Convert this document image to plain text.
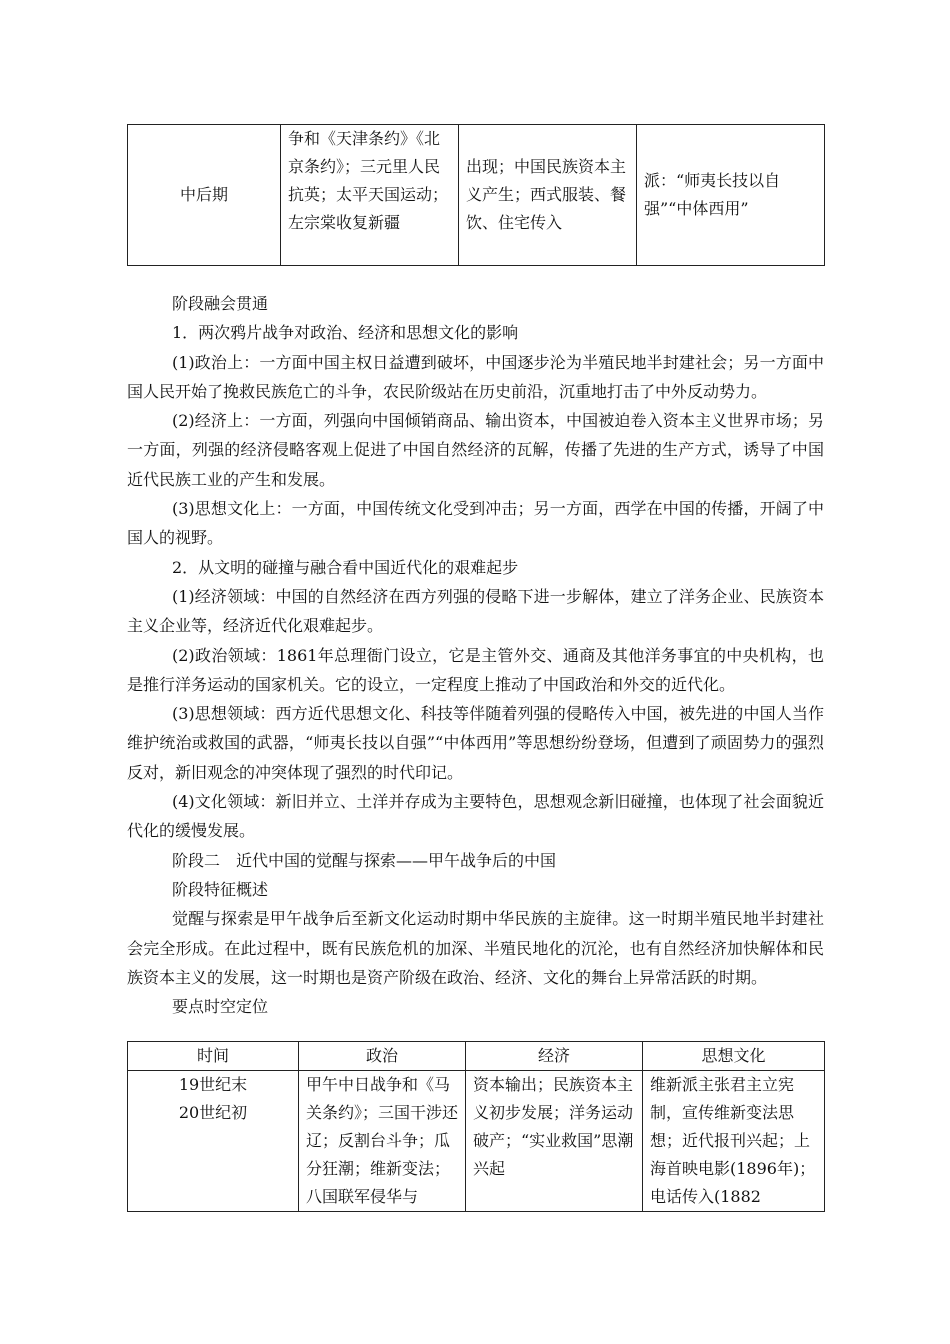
中后期	争和《天津条约》《北京条约》；三元里人民抗英；太平天国运动；左宗棠收复新疆	出现；中国民族资本主义产生；西式服装、餐饮、住宅传入	派：“师夷长技以自强”“中体西用”

阶段融会贯通

1．两次鸦片战争对政治、经济和思想文化的影响

(1)政治上：一方面中国主权日益遭到破坏，中国逐步沦为半殖民地半封建社会；另一方面中国人民开始了挽救民族危亡的斗争，农民阶级站在历史前沿，沉重地打击了中外反动势力。

(2)经济上：一方面，列强向中国倾销商品、输出资本，中国被迫卷入资本主义世界市场；另一方面，列强的经济侵略客观上促进了中国自然经济的瓦解，传播了先进的生产方式，诱导了中国近代民族工业的产生和发展。

(3)思想文化上：一方面，中国传统文化受到冲击；另一方面，西学在中国的传播，开阔了中国人的视野。

2．从文明的碰撞与融合看中国近代化的艰难起步

(1)经济领域：中国的自然经济在西方列强的侵略下进一步解体，建立了洋务企业、民族资本主义企业等，经济近代化艰难起步。

(2)政治领域：1861年总理衙门设立，它是主管外交、通商及其他洋务事宜的中央机构，也是推行洋务运动的国家机关。它的设立，一定程度上推动了中国政治和外交的近代化。

(3)思想领域：西方近代思想文化、科技等伴随着列强的侵略传入中国，被先进的中国人当作维护统治或救国的武器，“师夷长技以自强”“中体西用”等思想纷纷登场，但遭到了顽固势力的强烈反对，新旧观念的冲突体现了强烈的时代印记。

(4)文化领域：新旧并立、土洋并存成为主要特色，思想观念新旧碰撞，也体现了社会面貌近代化的缓慢发展。

阶段二　近代中国的觉醒与探索——甲午战争后的中国

阶段特征概述

觉醒与探索是甲午战争后至新文化运动时期中华民族的主旋律。这一时期半殖民地半封建社会完全形成。在此过程中，既有民族危机的加深、半殖民地化的沉沦，也有自然经济加快解体和民族资本主义的发展，这一时期也是资产阶级在政治、经济、文化的舞台上异常活跃的时期。

要点时空定位

时间	政治	经济	思想文化

19世纪末
20世纪初	甲午中日战争和《马关条约》；三国干涉还辽；反割台斗争；瓜分狂潮；维新变法；八国联军侵华与	资本输出；民族资本主义初步发展；洋务运动破产；“实业救国”思潮兴起	维新派主张君主立宪制，宣传维新变法思想；近代报刊兴起；上海首映电影(1896年)；电话传入(1882
